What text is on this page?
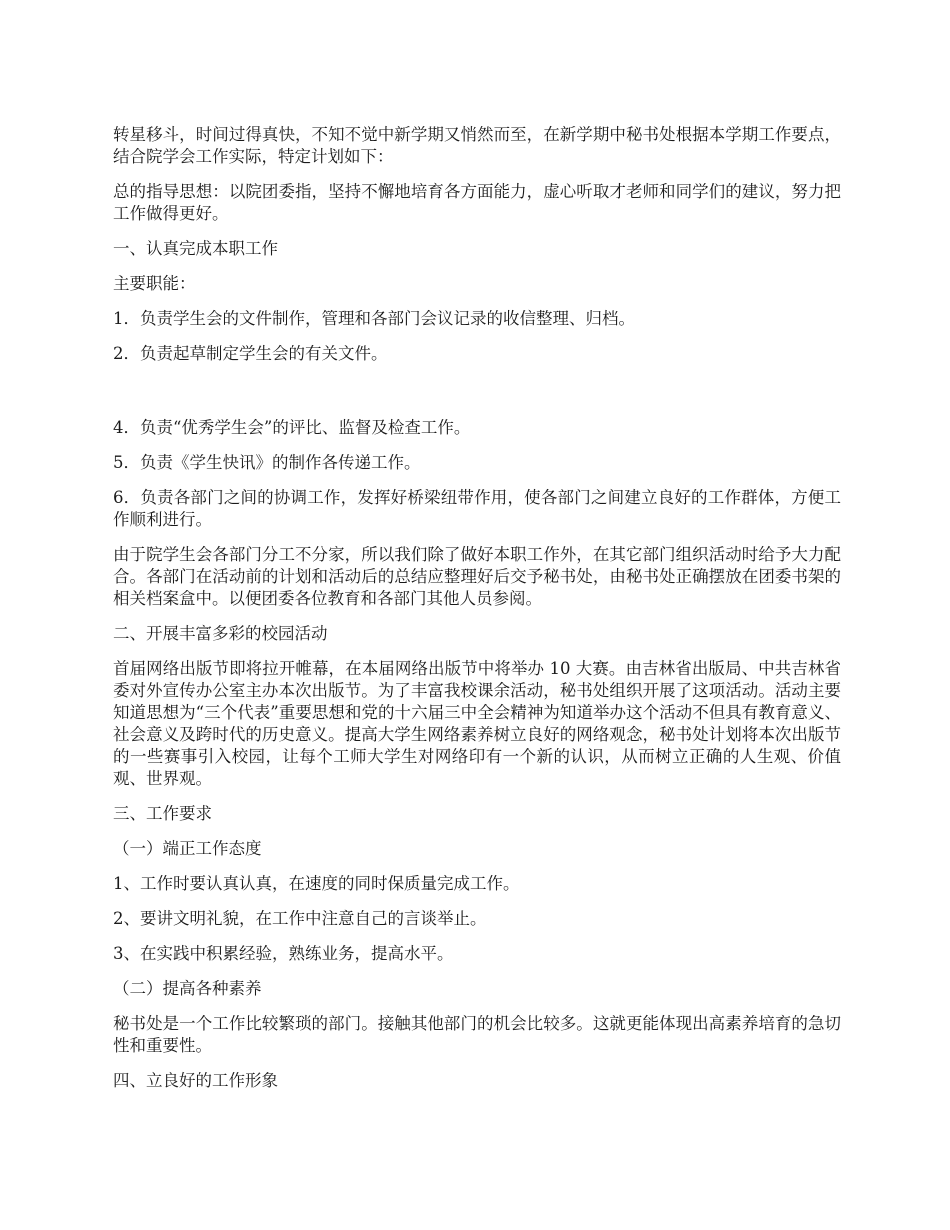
转星移斗，时间过得真快，不知不觉中新学期又悄然而至，在新学期中秘书处根据本学期工作要点，结合院学会工作实际，特定计划如下：

总的指导思想：以院团委指，坚持不懈地培育各方面能力，虚心听取才老师和同学们的建议，努力把工作做得更好。

一、认真完成本职工作

主要职能：

1．负责学生会的文件制作，管理和各部门会议记录的收信整理、归档。

2．负责起草制定学生会的有关文件。

4．负责“优秀学生会”的评比、监督及检查工作。

5．负责《学生快讯》的制作各传递工作。

6．负责各部门之间的协调工作，发挥好桥梁纽带作用，使各部门之间建立良好的工作群体，方便工作顺利进行。

由于院学生会各部门分工不分家，所以我们除了做好本职工作外，在其它部门组织活动时给予大力配合。各部门在活动前的计划和活动后的总结应整理好后交予秘书处，由秘书处正确摆放在团委书架的相关档案盒中。以便团委各位教育和各部门其他人员参阅。

二、开展丰富多彩的校园活动

首届网络出版节即将拉开帷幕，在本届网络出版节中将举办 10 大赛。由吉林省出版局、中共吉林省委对外宣传办公室主办本次出版节。为了丰富我校课余活动，秘书处组织开展了这项活动。活动主要知道思想为“三个代表”重要思想和党的十六届三中全会精神为知道举办这个活动不但具有教育意义、社会意义及跨时代的历史意义。提高大学生网络素养树立良好的网络观念，秘书处计划将本次出版节的一些赛事引入校园，让每个工师大学生对网络印有一个新的认识，从而树立正确的人生观、价值观、世界观。

三、工作要求

（一）端正工作态度

1、工作时要认真认真，在速度的同时保质量完成工作。

2、要讲文明礼貌，在工作中注意自己的言谈举止。

3、在实践中积累经验，熟练业务，提高水平。

（二）提高各种素养

秘书处是一个工作比较繁琐的部门。接触其他部门的机会比较多。这就更能体现出高素养培育的急切性和重要性。

四、立良好的工作形象
